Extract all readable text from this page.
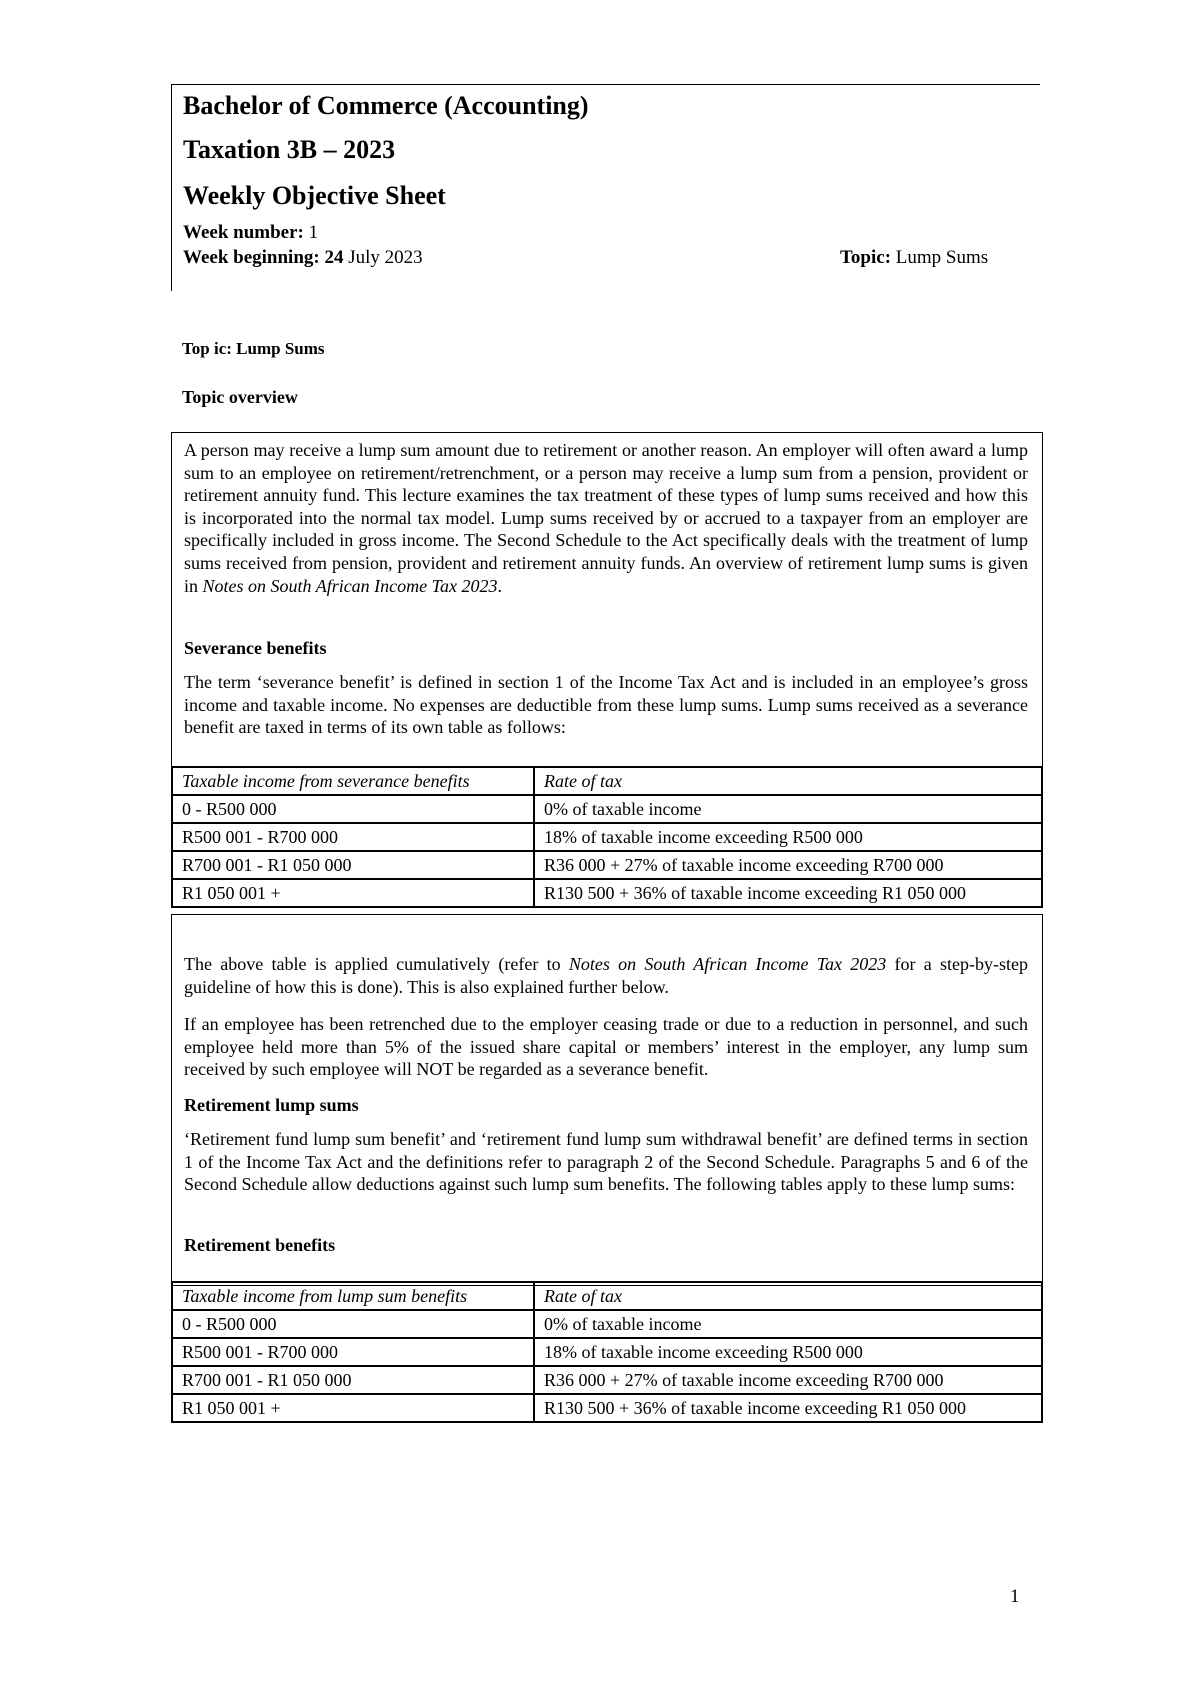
Bachelor of Commerce (Accounting)
Taxation 3B – 2023
Weekly Objective Sheet
Week number: 1
Week beginning: 24 July 2023	Topic: Lump Sums
Top ic: Lump Sums
Topic overview

A person may receive a lump sum amount due to retirement or another reason. An employer will often award a lump sum to an employee on retirement/retrenchment, or a person may receive a lump sum from a pension, provident or retirement annuity fund. This lecture examines the tax treatment of these types of lump sums received and how this is incorporated into the normal tax model. Lump sums received by or accrued to a taxpayer from an employer are specifically included in gross income. The Second Schedule to the Act specifically deals with the treatment of lump sums received from pension, provident and retirement annuity funds. An overview of retirement lump sums is given in Notes on South African Income Tax 2023.

Severance benefits

The term ‘severance benefit’ is defined in section 1 of the Income Tax Act and is included in an employee’s gross income and taxable income. No expenses are deductible from these lump sums. Lump sums received as a severance benefit are taxed in terms of its own table as follows:

Taxable income from severance benefits	Rate of tax
0 - R500 000	0% of taxable income
R500 001 - R700 000	18% of taxable income exceeding R500 000
R700 001 - R1 050 000	R36 000 + 27% of taxable income exceeding R700 000
R1 050 001 +	R130 500 + 36% of taxable income exceeding R1 050 000

The above table is applied cumulatively (refer to Notes on South African Income Tax 2023 for a step-by-step guideline of how this is done). This is also explained further below.

If an employee has been retrenched due to the employer ceasing trade or due to a reduction in personnel, and such employee held more than 5% of the issued share capital or members’ interest in the employer, any lump sum received by such employee will NOT be regarded as a severance benefit.

Retirement lump sums

‘Retirement fund lump sum benefit’ and ‘retirement fund lump sum withdrawal benefit’ are defined terms in section 1 of the Income Tax Act and the definitions refer to paragraph 2 of the Second Schedule. Paragraphs 5 and 6 of the Second Schedule allow deductions against such lump sum benefits. The following tables apply to these lump sums:

Retirement benefits
Taxable income from lump sum benefits	Rate of tax
0 - R500 000	0% of taxable income
R500 001 - R700 000	18% of taxable income exceeding R500 000
R700 001 - R1 050 000	R36 000 + 27% of taxable income exceeding R700 000
R1 050 001 +	R130 500 + 36% of taxable income exceeding R1 050 000
1
